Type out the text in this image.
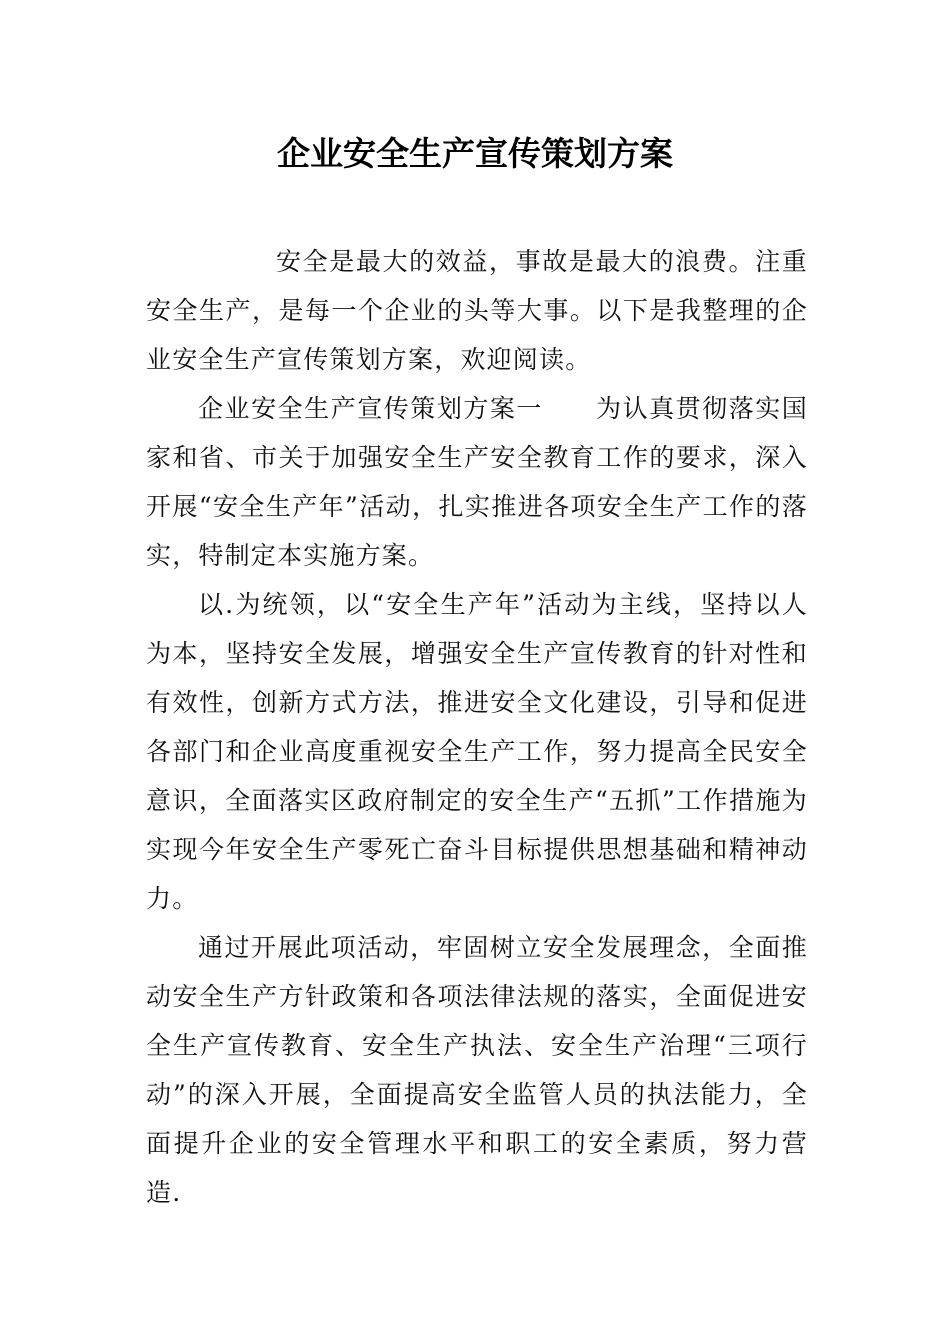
企业安全生产宣传策划方案

安全是最大的效益，事故是最大的浪费。注重安全生产，是每一个企业的头等大事。以下是我整理的企业安全生产宣传策划方案，欢迎阅读。

企业安全生产宣传策划方案一　　为认真贯彻落实国家和省、市关于加强安全生产安全教育工作的要求，深入开展“安全生产年”活动，扎实推进各项安全生产工作的落实，特制定本实施方案。

以.为统领，以“安全生产年”活动为主线，坚持以人为本，坚持安全发展，增强安全生产宣传教育的针对性和有效性，创新方式方法，推进安全文化建设，引导和促进各部门和企业高度重视安全生产工作，努力提高全民安全意识，全面落实区政府制定的安全生产“五抓”工作措施为实现今年安全生产零死亡奋斗目标提供思想基础和精神动力。

通过开展此项活动，牢固树立安全发展理念，全面推动安全生产方针政策和各项法律法规的落实，全面促进安全生产宣传教育、安全生产执法、安全生产治理“三项行动”的深入开展，全面提高安全监管人员的执法能力，全面提升企业的安全管理水平和职工的安全素质，努力营造.
